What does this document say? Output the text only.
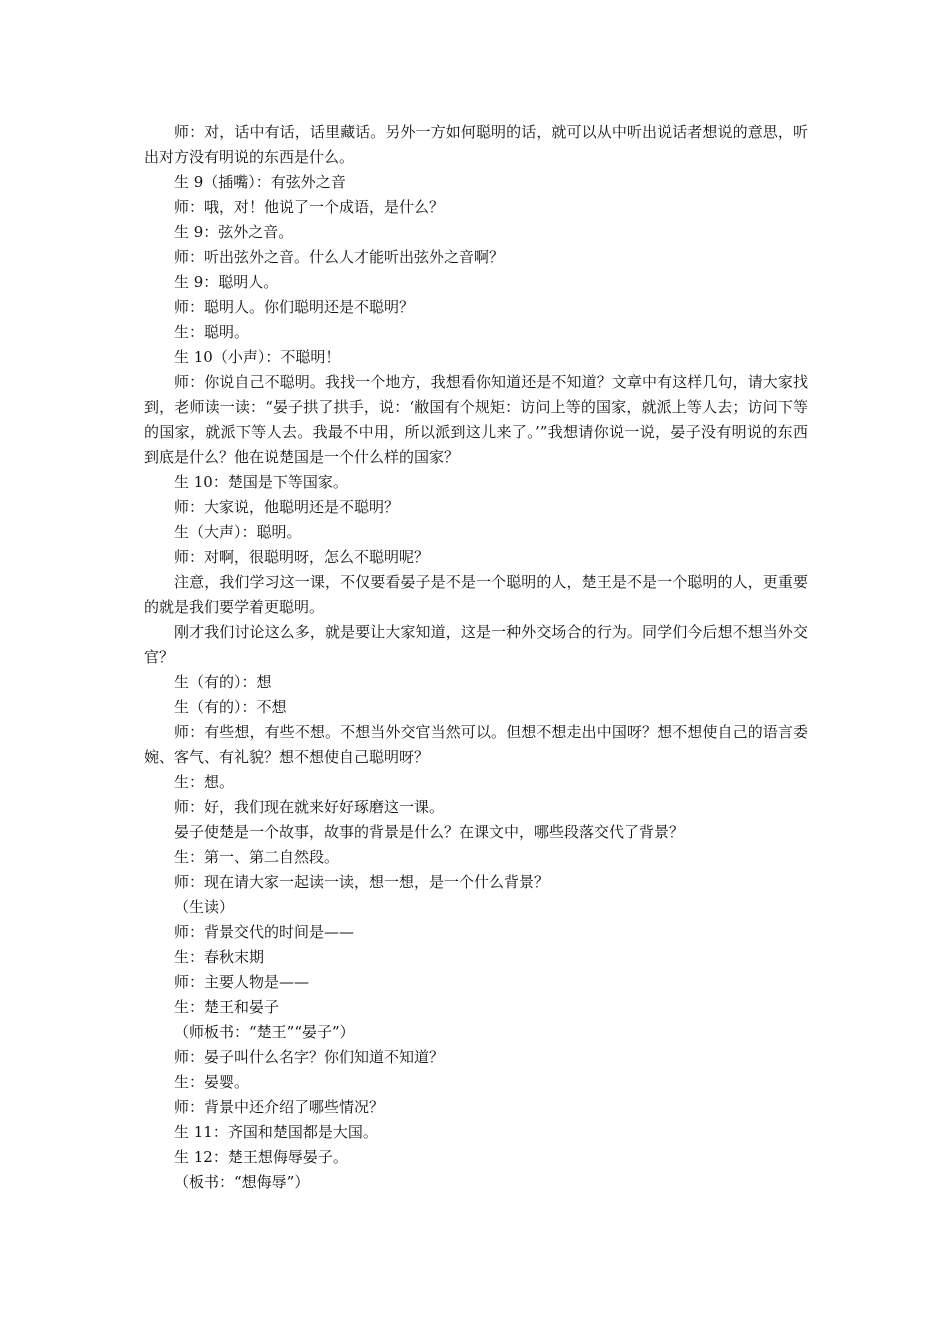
师：对，话中有话，话里藏话。另外一方如何聪明的话，就可以从中听出说话者想说的意思，听出对方没有明说的东西是什么。

生 9（插嘴）：有弦外之音

师：哦，对！他说了一个成语，是什么？

生 9：弦外之音。

师：听出弦外之音。什么人才能听出弦外之音啊？

生 9：聪明人。

师：聪明人。你们聪明还是不聪明？

生：聪明。

生 10（小声）：不聪明！

师：你说自己不聪明。我找一个地方，我想看你知道还是不知道？文章中有这样几句，请大家找到，老师读一读：“晏子拱了拱手，说：‘敝国有个规矩：访问上等的国家，就派上等人去；访问下等的国家，就派下等人去。我最不中用，所以派到这儿来了。’”我想请你说一说，晏子没有明说的东西到底是什么？他在说楚国是一个什么样的国家？

生 10：楚国是下等国家。

师：大家说，他聪明还是不聪明？

生（大声）：聪明。

师：对啊，很聪明呀，怎么不聪明呢？

注意，我们学习这一课，不仅要看晏子是不是一个聪明的人，楚王是不是一个聪明的人，更重要的就是我们要学着更聪明。

刚才我们讨论这么多，就是要让大家知道，这是一种外交场合的行为。同学们今后想不想当外交官？

生（有的）：想

生（有的）：不想

师：有些想，有些不想。不想当外交官当然可以。但想不想走出中国呀？想不想使自己的语言委婉、客气、有礼貌？想不想使自己聪明呀？

生：想。

师：好，我们现在就来好好琢磨这一课。

晏子使楚是一个故事，故事的背景是什么？在课文中，哪些段落交代了背景？

生：第一、第二自然段。

师：现在请大家一起读一读，想一想，是一个什么背景？

（生读）

师：背景交代的时间是——

生：春秋末期

师：主要人物是——

生：楚王和晏子

（师板书：“楚王”“晏子”）

师：晏子叫什么名字？你们知道不知道？

生：晏婴。

师：背景中还介绍了哪些情况？

生 11：齐国和楚国都是大国。

生 12：楚王想侮辱晏子。

（板书：“想侮辱”）
